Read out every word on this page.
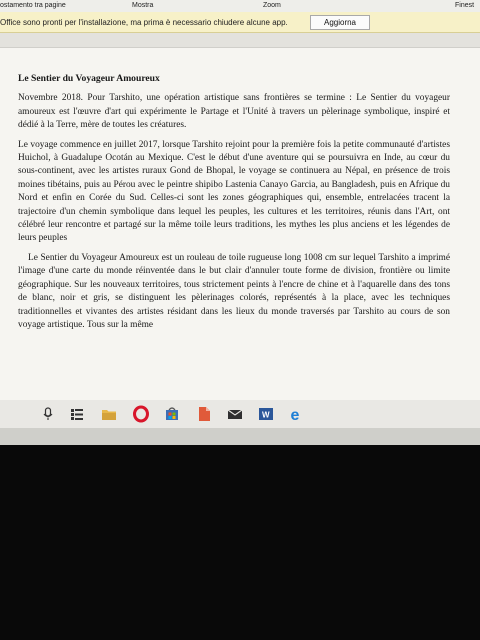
ostamento tra pagine	Mostra	Zoom	Finest
Office sono pronti per l'installazione, ma prima è necessario chiudere alcune app.	Aggiorna
Le Sentier du Voyageur Amoureux

Novembre 2018. Pour Tarshito, une opération artistique sans frontières se termine : Le Sentier du voyageur amoureux est l'œuvre d'art qui expérimente le Partage et l'Unité à travers un pèlerinage symbolique, inspiré et dédié à la Terre, mère de toutes les créatures.

Le voyage commence en juillet 2017, lorsque Tarshito rejoint pour la première fois la petite communauté d'artistes Huichol, à Guadalupe Ocotán au Mexique. C'est le début d'une aventure qui se poursuivra en Inde, au cœur du sous-continent, avec les artistes ruraux Gond de Bhopal, le voyage se continuera au Népal, en présence de trois moines tibétains, puis au Pérou avec le peintre shipibo Lastenia Canayo Garcia, au Bangladesh, puis en Afrique du Nord et enfin en Corée du Sud. Celles-ci sont les zones géographiques qui, ensemble, entrelacées tracent la trajectoire d'un chemin symbolique dans lequel les peuples, les cultures et les territoires, réunis dans l'Art, ont célébré leur rencontre et partagé sur la même toile leurs traditions, les mythes les plus anciens et les légendes de leurs peuples

Le Sentier du Voyageur Amoureux est un rouleau de toile rugueuse long 1008 cm sur lequel Tarshito a imprimé l'image d'une carte du monde réinventée dans le but clair d'annuler toute forme de division, frontière ou limite géographique. Sur les nouveaux territoires, tous strictement peints à l'encre de chine et à l'aquarelle dans des tons de blanc, noir et gris, se distinguent les pèlerinages colorés, représentés à la place, avec les techniques traditionnelles et vivantes des artistes résidant dans les lieux du monde traversés par Tarshito au cours de son voyage artistique. Tous sur la même

W e
